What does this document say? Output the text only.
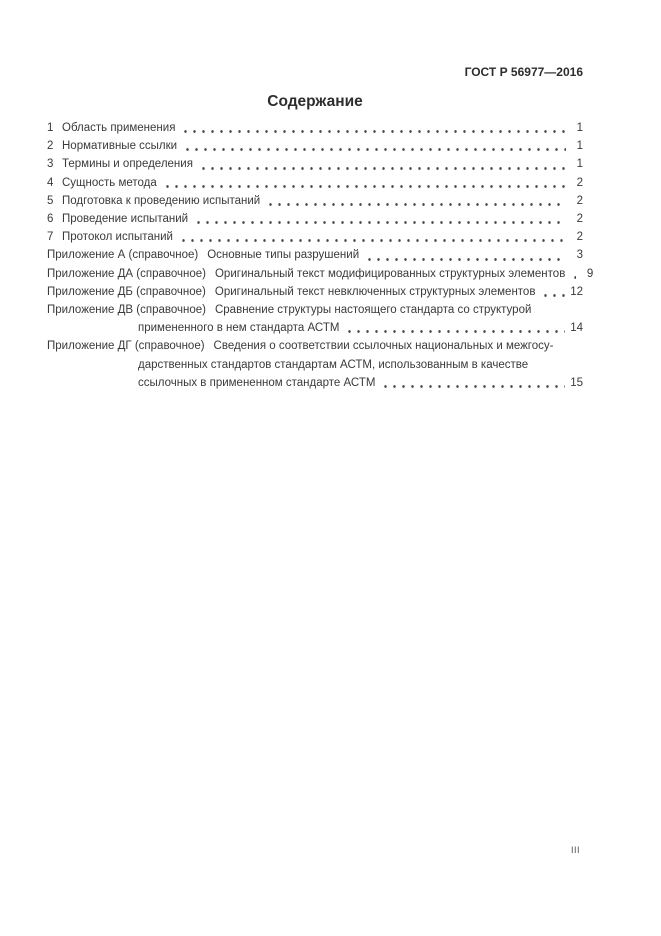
ГОСТ Р 56977—2016
Содержание
1 Область применения	1
2 Нормативные ссылки	1
3 Термины и определения	1
4 Сущность метода	2
5 Подготовка к проведению испытаний	2
6 Проведение испытаний	2
7 Протокол испытаний	2
Приложение А (справочное) Основные типы разрушений	3
Приложение ДА (справочное) Оригинальный текст модифицированных структурных элементов	9
Приложение ДБ (справочное) Оригинальный текст невключенных структурных элементов	12
Приложение ДВ (справочное) Сравнение структуры настоящего стандарта со структурой
примененного в нем стандарта АСТМ	14
Приложение ДГ (справочное) Сведения о соответствии ссылочных национальных и межгосу-
дарственных стандартов стандартам АСТМ, использованным в качестве
ссылочных в примененном стандарте АСТМ	15
III
